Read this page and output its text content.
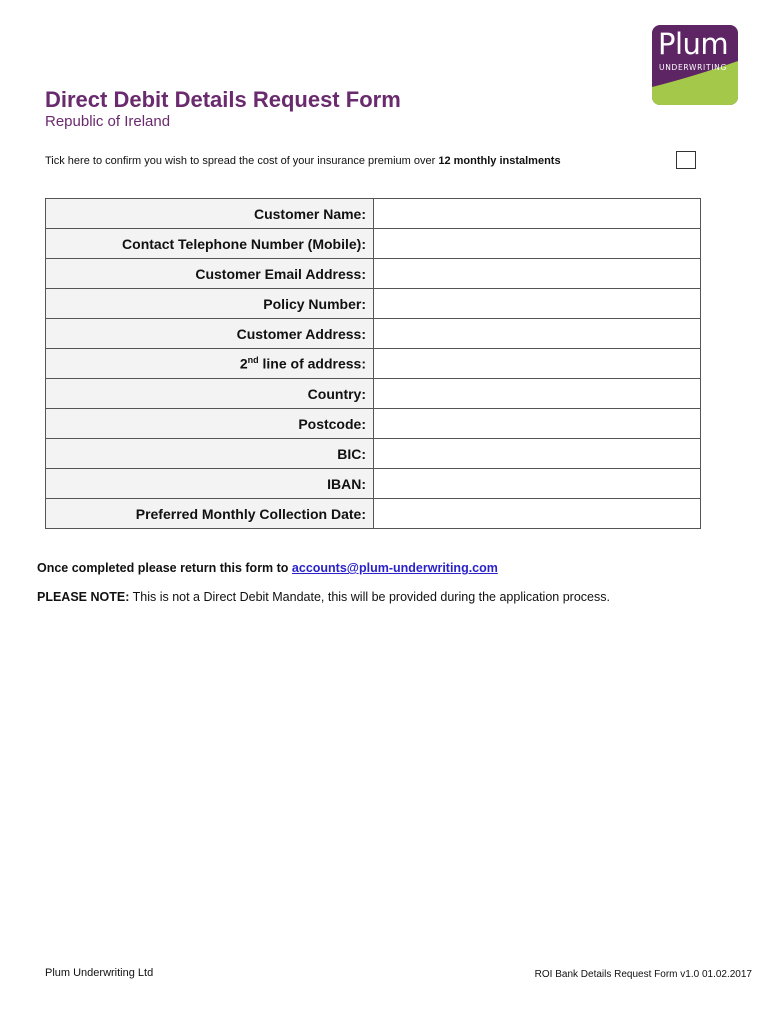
Plum
UNDERWRITING
Direct Debit Details Request Form
Republic of Ireland
Tick here to confirm you wish to spread the cost of your insurance premium over 12 monthly instalments
Customer Name:	
Contact Telephone Number (Mobile):	
Customer Email Address:	
Policy Number:	
Customer Address:	
2nd line of address:	
Country:	
Postcode:	
BIC:	
IBAN:	
Preferred Monthly Collection Date:	
Once completed please return this form to accounts@plum-underwriting.com
PLEASE NOTE: This is not a Direct Debit Mandate, this will be provided during the application process.
Plum Underwriting Ltd	ROI Bank Details Request Form v1.0 01.02.2017
